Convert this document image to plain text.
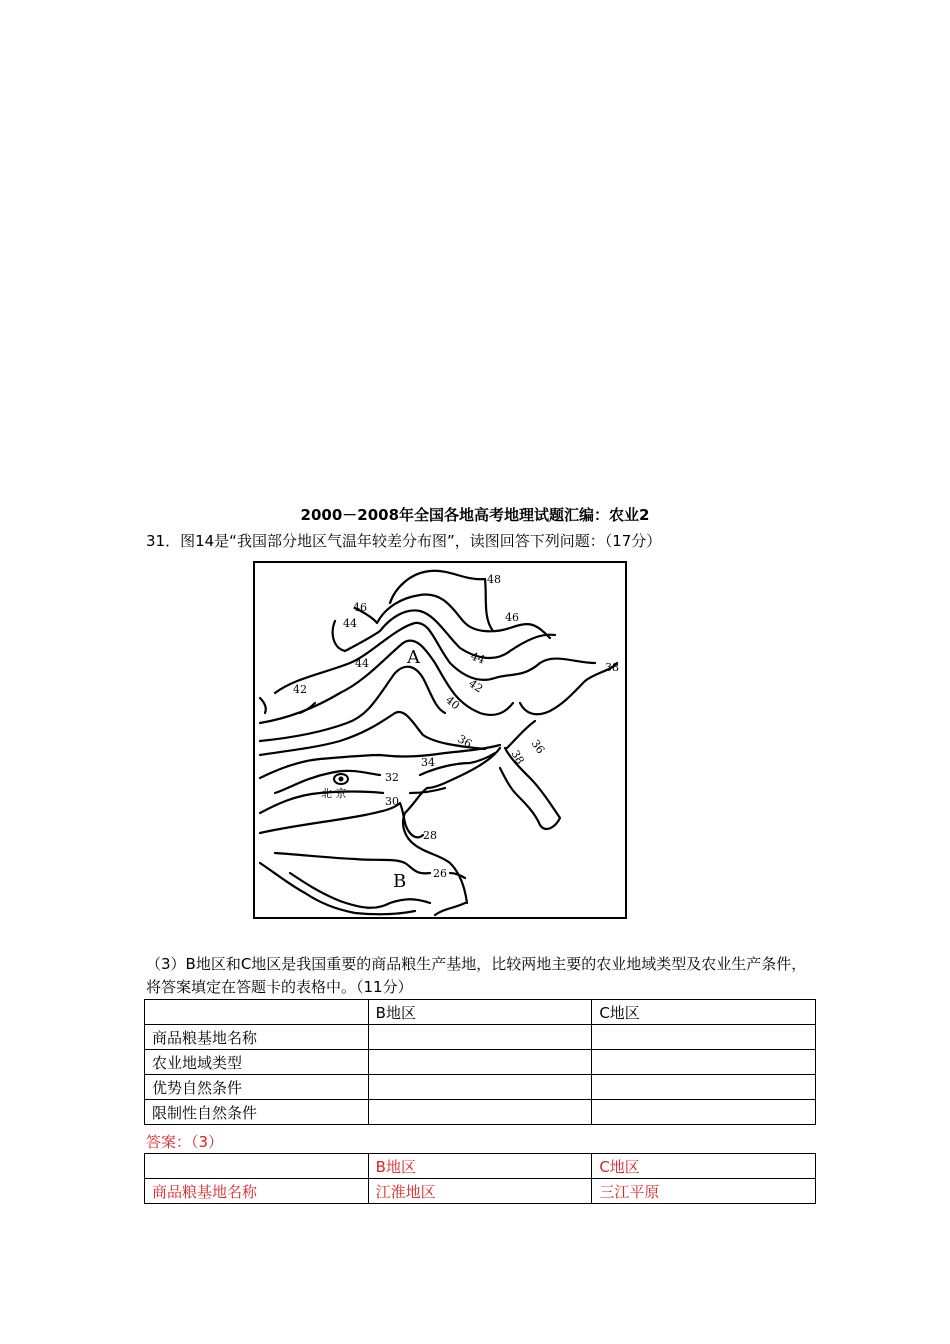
2000－2008年全国各地高考地理试题汇编：农业2
31．图14是“我国部分地区气温年较差分布图”，读图回答下列问题：（17分）
A
B
北 京
48
46
46
44
44	44
42	42
40
36
38
38
36
34
32
30
28
26
（3）B地区和C地区是我国重要的商品粮生产基地，比较两地主要的农业地域类型及农业生产条件，将答案填定在答题卡的表格中。（11分）
	B地区	C地区
商品粮基地名称		
农业地域类型		
优势自然条件		
限制性自然条件		
答案：（3）
	B地区	C地区
商品粮基地名称	江淮地区	三江平原
